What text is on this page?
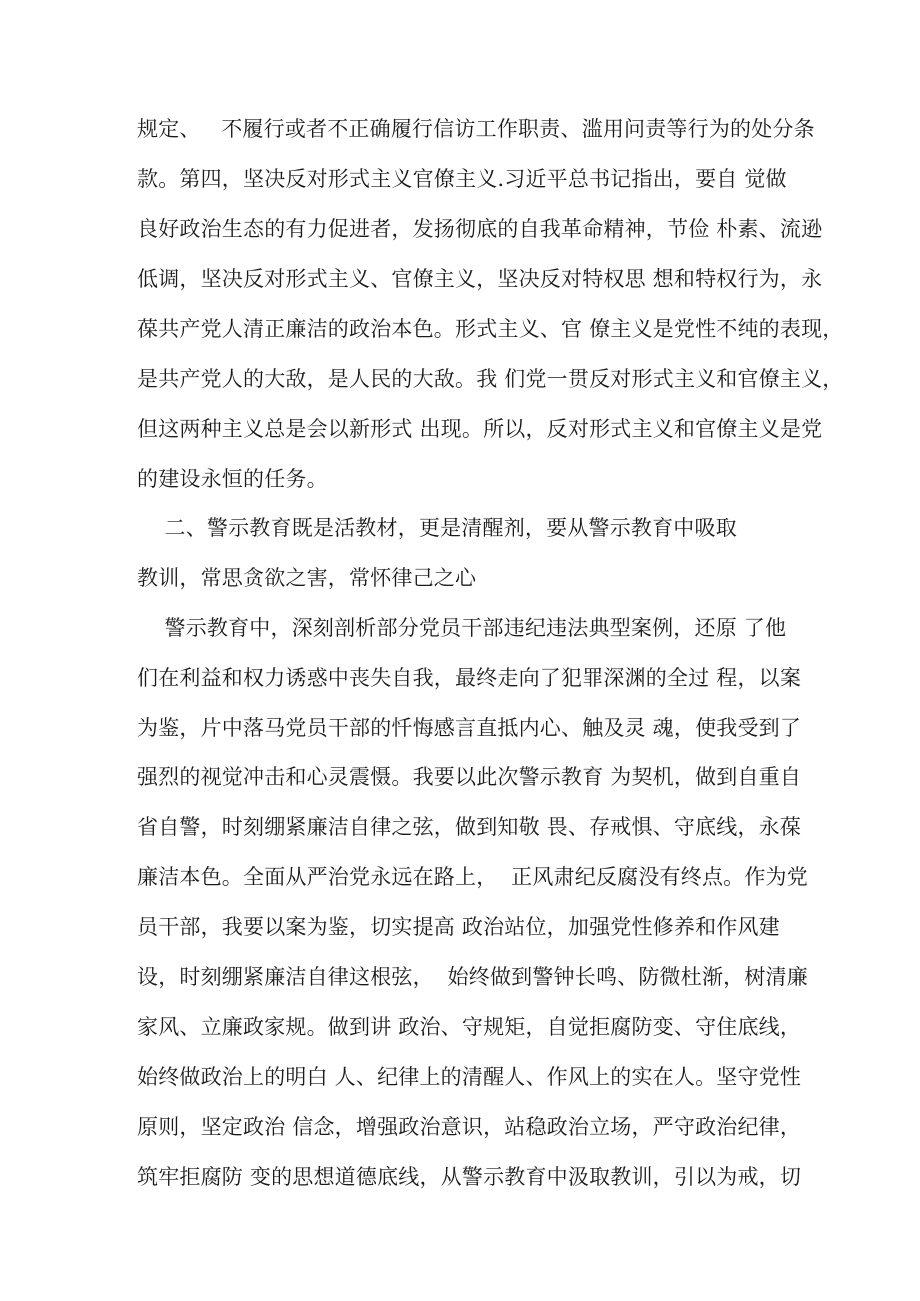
规定、   不履行或者不正确履行信访工作职责、滥用问责等行为的处分条
款。第四，坚决反对形式主义官僚主义.习近平总书记指出，要自 觉做
良好政治生态的有力促进者，发扬彻底的自我革命精神，节俭 朴素、流逊
低调，坚决反对形式主义、官僚主义，坚决反对特权思 想和特权行为，永
葆共产党人清正廉洁的政治本色。形式主义、官 僚主义是党性不纯的表现，
是共产党人的大敌，是人民的大敌。我 们党一贯反对形式主义和官僚主义，
但这两种主义总是会以新形式 出现。所以，反对形式主义和官僚主义是党
的建设永恒的任务。
二、警示教育既是活教材，更是清醒剂，要从警示教育中吸取
教训，常思贪欲之害，常怀律己之心
警示教育中，深刻剖析部分党员干部违纪违法典型案例，还原 了他
们在利益和权力诱惑中丧失自我，最终走向了犯罪深渊的全过 程，以案
为鉴，片中落马党员干部的忏悔感言直抵内心、触及灵 魂，使我受到了
强烈的视觉冲击和心灵震慑。我要以此次警示教育 为契机，做到自重自
省自警，时刻绷紧廉洁自律之弦，做到知敬 畏、存戒惧、守底线，永葆
廉洁本色。全面从严治党永远在路上，  正风肃纪反腐没有终点。作为党
员干部，我要以案为鉴，切实提高 政治站位，加强党性修养和作风建
设，时刻绷紧廉洁自律这根弦，  始终做到警钟长鸣、防微杜渐，树清廉
家风、立廉政家规。做到讲 政治、守规矩，自觉拒腐防变、守住底线，
始终做政治上的明白 人、纪律上的清醒人、作风上的实在人。坚守党性
原则，坚定政治 信念，增强政治意识，站稳政治立场，严守政治纪律，
筑牢拒腐防 变的思想道德底线，从警示教育中汲取教训，引以为戒，切
